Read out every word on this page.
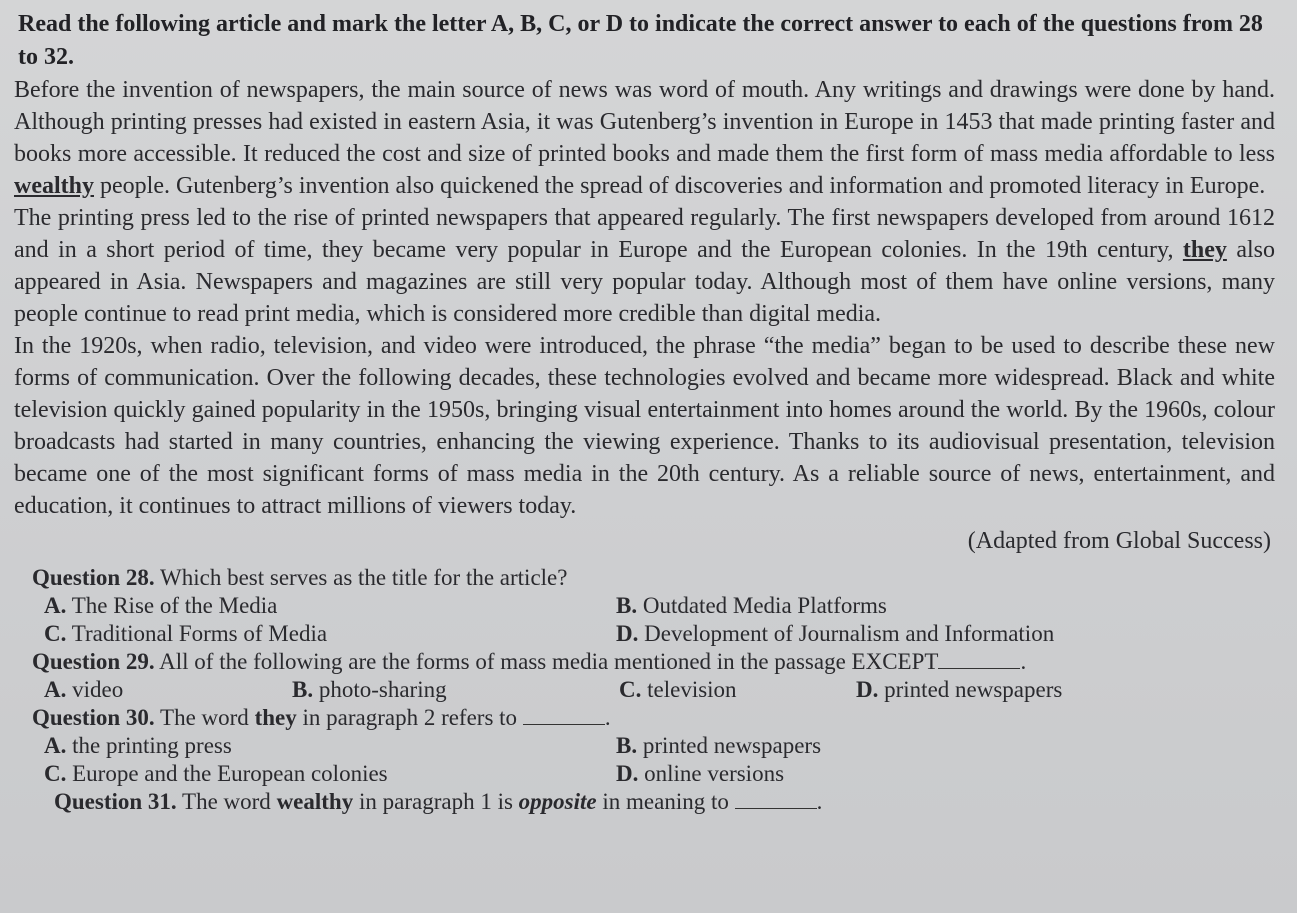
Read the following article and mark the letter A, B, C, or D to indicate the correct answer to each of the questions from 28 to 32.

Before the invention of newspapers, the main source of news was word of mouth. Any writings and drawings were done by hand. Although printing presses had existed in eastern Asia, it was Gutenberg’s invention in Europe in 1453 that made printing faster and books more accessible. It reduced the cost and size of printed books and made them the first form of mass media affordable to less wealthy people. Gutenberg’s invention also quickened the spread of discoveries and information and promoted literacy in Europe.

The printing press led to the rise of printed newspapers that appeared regularly. The first newspapers developed from around 1612 and in a short period of time, they became very popular in Europe and the European colonies. In the 19th century, they also appeared in Asia. Newspapers and magazines are still very popular today. Although most of them have online versions, many people continue to read print media, which is considered more credible than digital media.

In the 1920s, when radio, television, and video were introduced, the phrase “the media” began to be used to describe these new forms of communication. Over the following decades, these technologies evolved and became more widespread. Black and white television quickly gained popularity in the 1950s, bringing visual entertainment into homes around the world. By the 1960s, colour broadcasts had started in many countries, enhancing the viewing experience. Thanks to its audiovisual presentation, television became one of the most significant forms of mass media in the 20th century. As a reliable source of news, entertainment, and education, it continues to attract millions of viewers today.

(Adapted from Global Success)
Question 28. Which best serves as the title for the article?
A. The Rise of the Media	B. Outdated Media Platforms
C. Traditional Forms of Media	D. Development of Journalism and Information
Question 29. All of the following are the forms of mass media mentioned in the passage EXCEPT	.
A. video	B. photo-sharing	C. television	D. printed newspapers
Question 30. The word they in paragraph 2 refers to	.
A. the printing press	B. printed newspapers
C. Europe and the European colonies	D. online versions
Question 31. The word wealthy in paragraph 1 is opposite in meaning to	.
